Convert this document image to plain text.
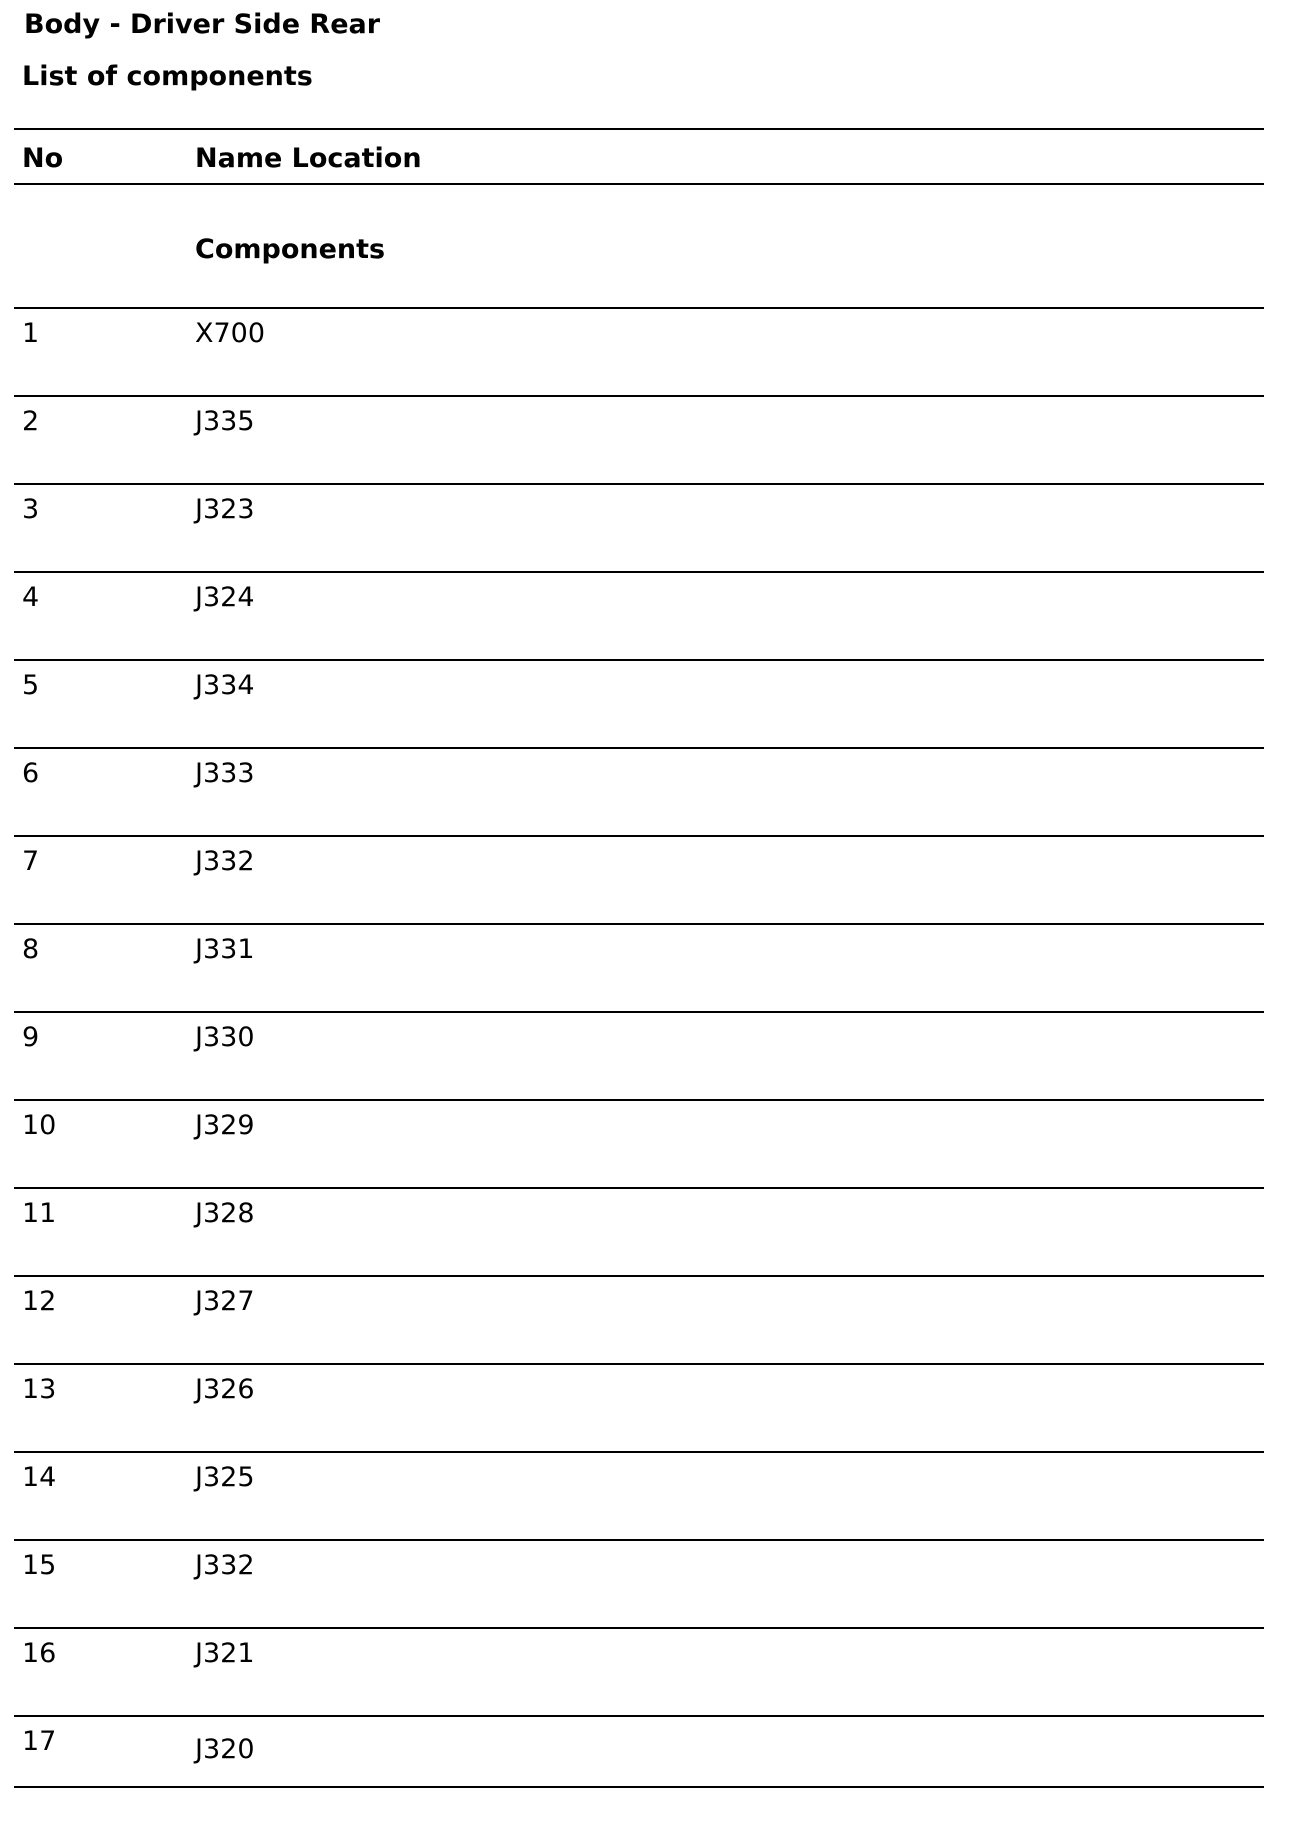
Body - Driver Side Rear
List of components
No	Name Location
Components
1	X700
2	J335
3	J323
4	J324
5	J334
6	J333
7	J332
8	J331
9	J330
10	J329
11	J328
12	J327
13	J326
14	J325
15	J332
16	J321
17	J320
